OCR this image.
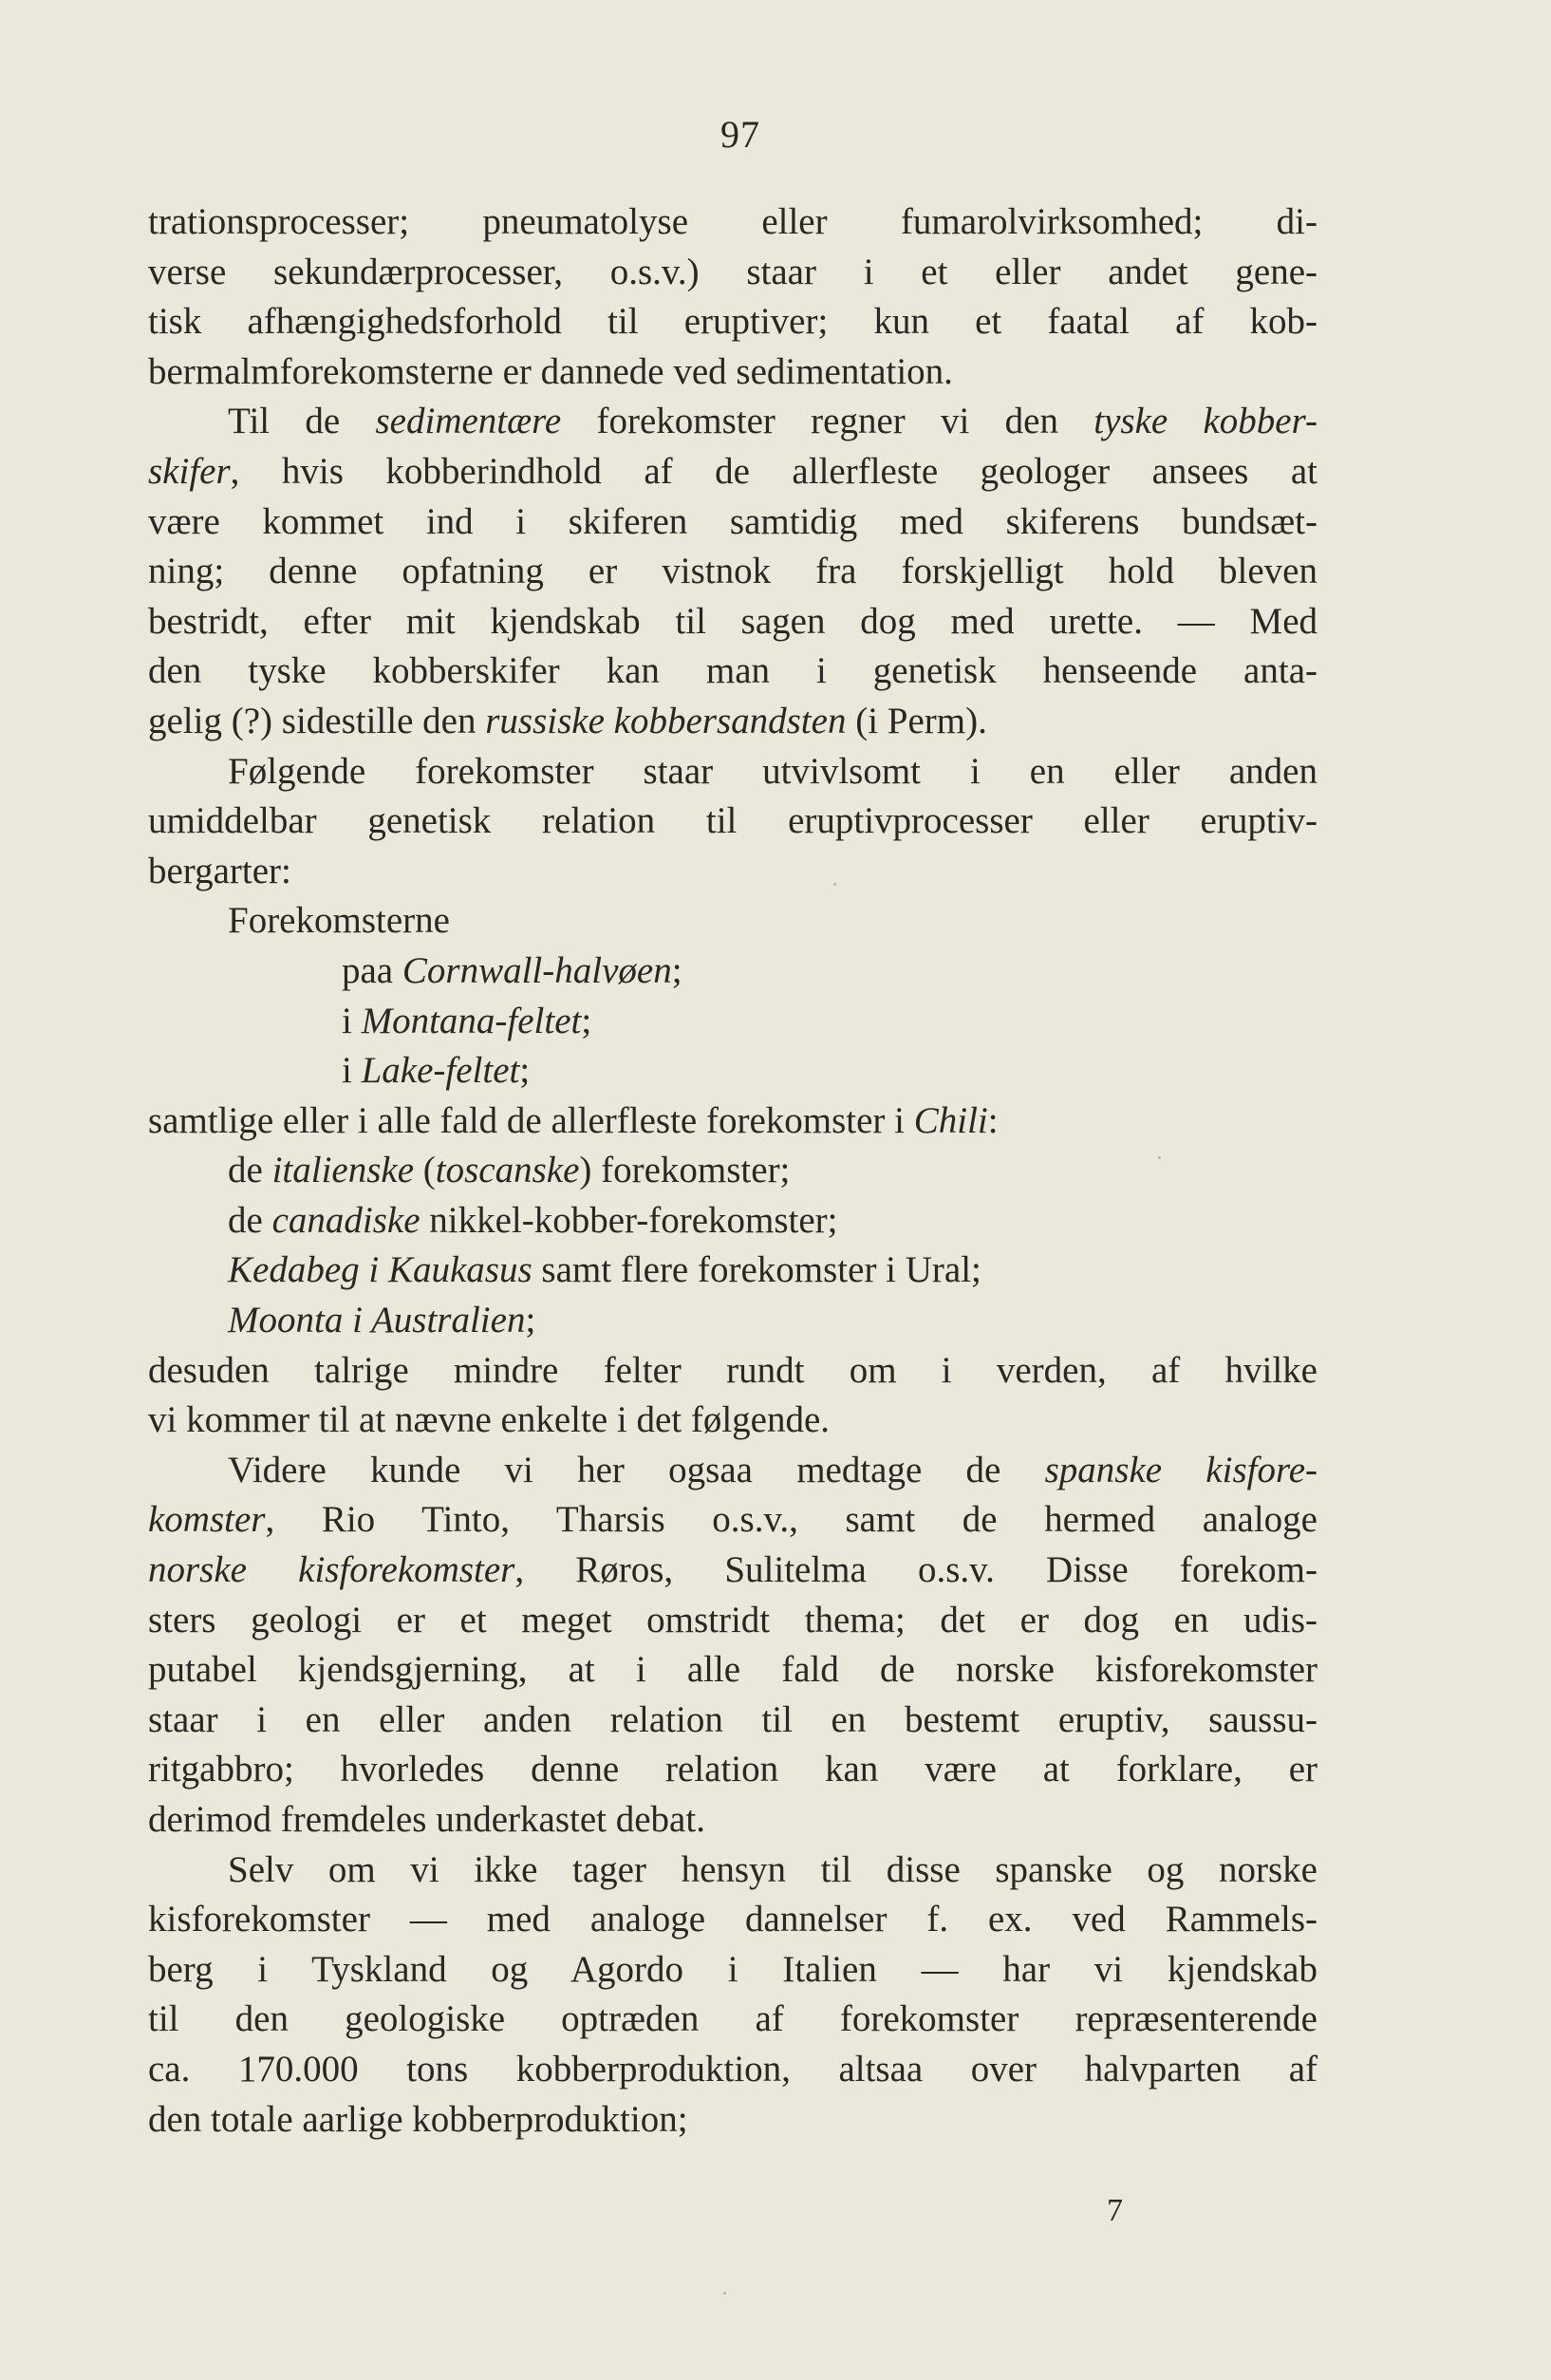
97
trationsprocesser; pneumatolyse eller fumarolvirksomhed; di-
verse sekundærprocesser, o.s.v.) staar i et eller andet gene-
tisk afhængighedsforhold til eruptiver; kun et faatal af kob-
bermalmforekomsterne er dannede ved sedimentation.
Til de sedimentære forekomster regner vi den tyske kobber-
skifer, hvis kobberindhold af de allerfleste geologer ansees at
være kommet ind i skiferen samtidig med skiferens bundsæt-
ning; denne opfatning er vistnok fra forskjelligt hold bleven
bestridt, efter mit kjendskab til sagen dog med urette. — Med
den tyske kobberskifer kan man i genetisk henseende anta-
gelig (?) sidestille den russiske kobbersandsten (i Perm).
Følgende forekomster staar utvivlsomt i en eller anden
umiddelbar genetisk relation til eruptivprocesser eller eruptiv-
bergarter:
Forekomsterne
paa Cornwall-halvøen;
i Montana-feltet;
i Lake-feltet;
samtlige eller i alle fald de allerfleste forekomster i Chili:
de italienske (toscanske) forekomster;
de canadiske nikkel-kobber-forekomster;
Kedabeg i Kaukasus samt flere forekomster i Ural;
Moonta i Australien;
desuden talrige mindre felter rundt om i verden, af hvilke
vi kommer til at nævne enkelte i det følgende.
Videre kunde vi her ogsaa medtage de spanske kisfore-
komster, Rio Tinto, Tharsis o.s.v., samt de hermed analoge
norske kisforekomster, Røros, Sulitelma o.s.v. Disse forekom-
sters geologi er et meget omstridt thema; det er dog en udis-
putabel kjendsgjerning, at i alle fald de norske kisforekomster
staar i en eller anden relation til en bestemt eruptiv, saussu-
ritgabbro; hvorledes denne relation kan være at forklare, er
derimod fremdeles underkastet debat.
Selv om vi ikke tager hensyn til disse spanske og norske
kisforekomster — med analoge dannelser f. ex. ved Rammels-
berg i Tyskland og Agordo i Italien — har vi kjendskab
til den geologiske optræden af forekomster repræsenterende
ca. 170.000 tons kobberproduktion, altsaa over halvparten af
den totale aarlige kobberproduktion;
7
